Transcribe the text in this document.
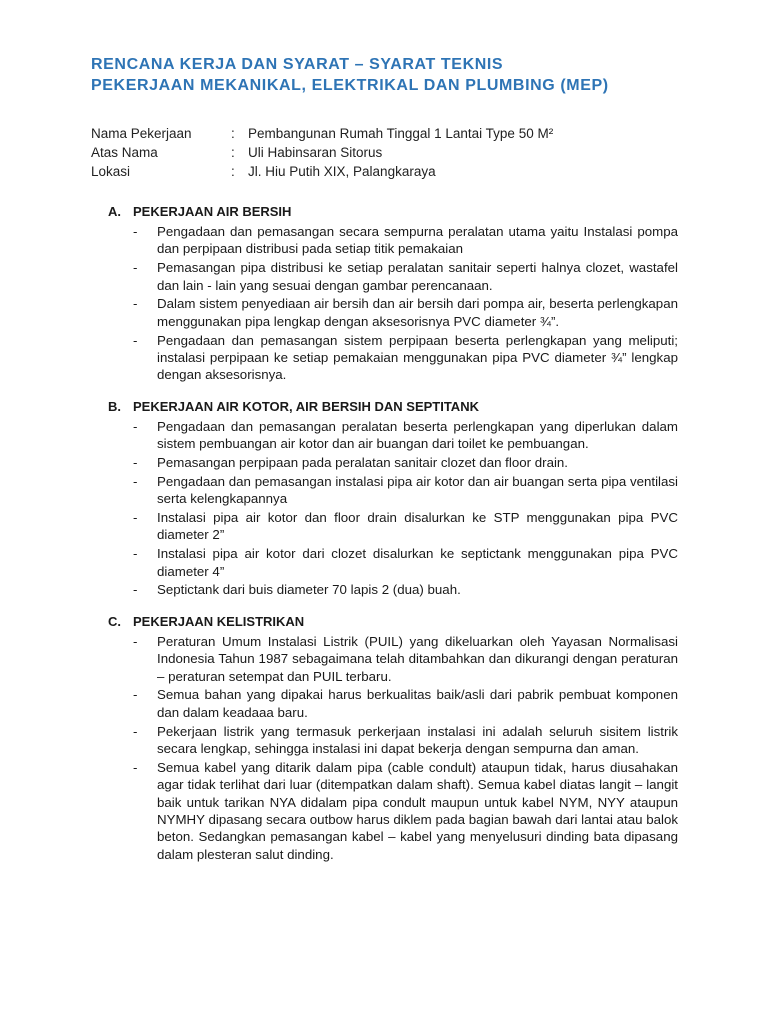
RENCANA KERJA DAN SYARAT – SYARAT TEKNIS
PEKERJAAN MEKANIKAL, ELEKTRIKAL DAN PLUMBING (MEP)
Nama Pekerjaan	: Pembangunan Rumah Tinggal 1 Lantai Type 50 M²
Atas Nama	: Uli Habinsaran Sitorus
Lokasi	: Jl. Hiu Putih XIX, Palangkaraya
A. PEKERJAAN AIR BERSIH
-	Pengadaan dan pemasangan secara sempurna peralatan utama yaitu Instalasi pompa dan perpipaan distribusi pada setiap titik pemakaian
-	Pemasangan pipa distribusi ke setiap peralatan sanitair seperti halnya clozet, wastafel dan lain - lain yang sesuai dengan gambar perencanaan.
-	Dalam sistem penyediaan air bersih dan air bersih dari pompa air, beserta perlengkapan menggunakan pipa lengkap dengan aksesorisnya PVC diameter ¾”.
-	Pengadaan dan pemasangan sistem perpipaan beserta perlengkapan yang meliputi; instalasi perpipaan ke setiap pemakaian menggunakan pipa PVC diameter ¾” lengkap dengan aksesorisnya.
B. PEKERJAAN AIR KOTOR, AIR BERSIH DAN SEPTITANK
-	Pengadaan dan pemasangan peralatan beserta perlengkapan yang diperlukan dalam sistem pembuangan air kotor dan air buangan dari toilet ke pembuangan.
-	Pemasangan perpipaan pada peralatan sanitair clozet dan floor drain.
-	Pengadaan dan pemasangan instalasi pipa air kotor dan air buangan serta pipa ventilasi serta kelengkapannya
-	Instalasi pipa air kotor dan floor drain disalurkan ke STP menggunakan pipa PVC diameter 2”
-	Instalasi pipa air kotor dari clozet disalurkan ke septictank menggunakan pipa PVC diameter 4”
-	Septictank dari buis diameter 70 lapis 2 (dua) buah.
C. PEKERJAAN KELISTRIKAN
-	Peraturan Umum Instalasi Listrik (PUIL) yang dikeluarkan oleh Yayasan Normalisasi Indonesia Tahun 1987 sebagaimana telah ditambahkan dan dikurangi dengan peraturan – peraturan setempat dan PUIL terbaru.
-	Semua bahan yang dipakai harus berkualitas baik/asli dari pabrik pembuat komponen dan dalam keadaaa baru.
-	Pekerjaan listrik yang termasuk perkerjaan instalasi ini adalah seluruh sisitem listrik secara lengkap, sehingga instalasi ini dapat bekerja dengan sempurna dan aman.
-	Semua kabel yang ditarik dalam pipa (cable condult) ataupun tidak, harus diusahakan agar tidak terlihat dari luar (ditempatkan dalam shaft). Semua kabel diatas langit – langit baik untuk tarikan NYA didalam pipa condult maupun untuk kabel NYM, NYY ataupun NYMHY dipasang secara outbow harus diklem pada bagian bawah dari lantai atau balok beton. Sedangkan pemasangan kabel – kabel yang menyelusuri dinding bata dipasang dalam plesteran salut dinding.
